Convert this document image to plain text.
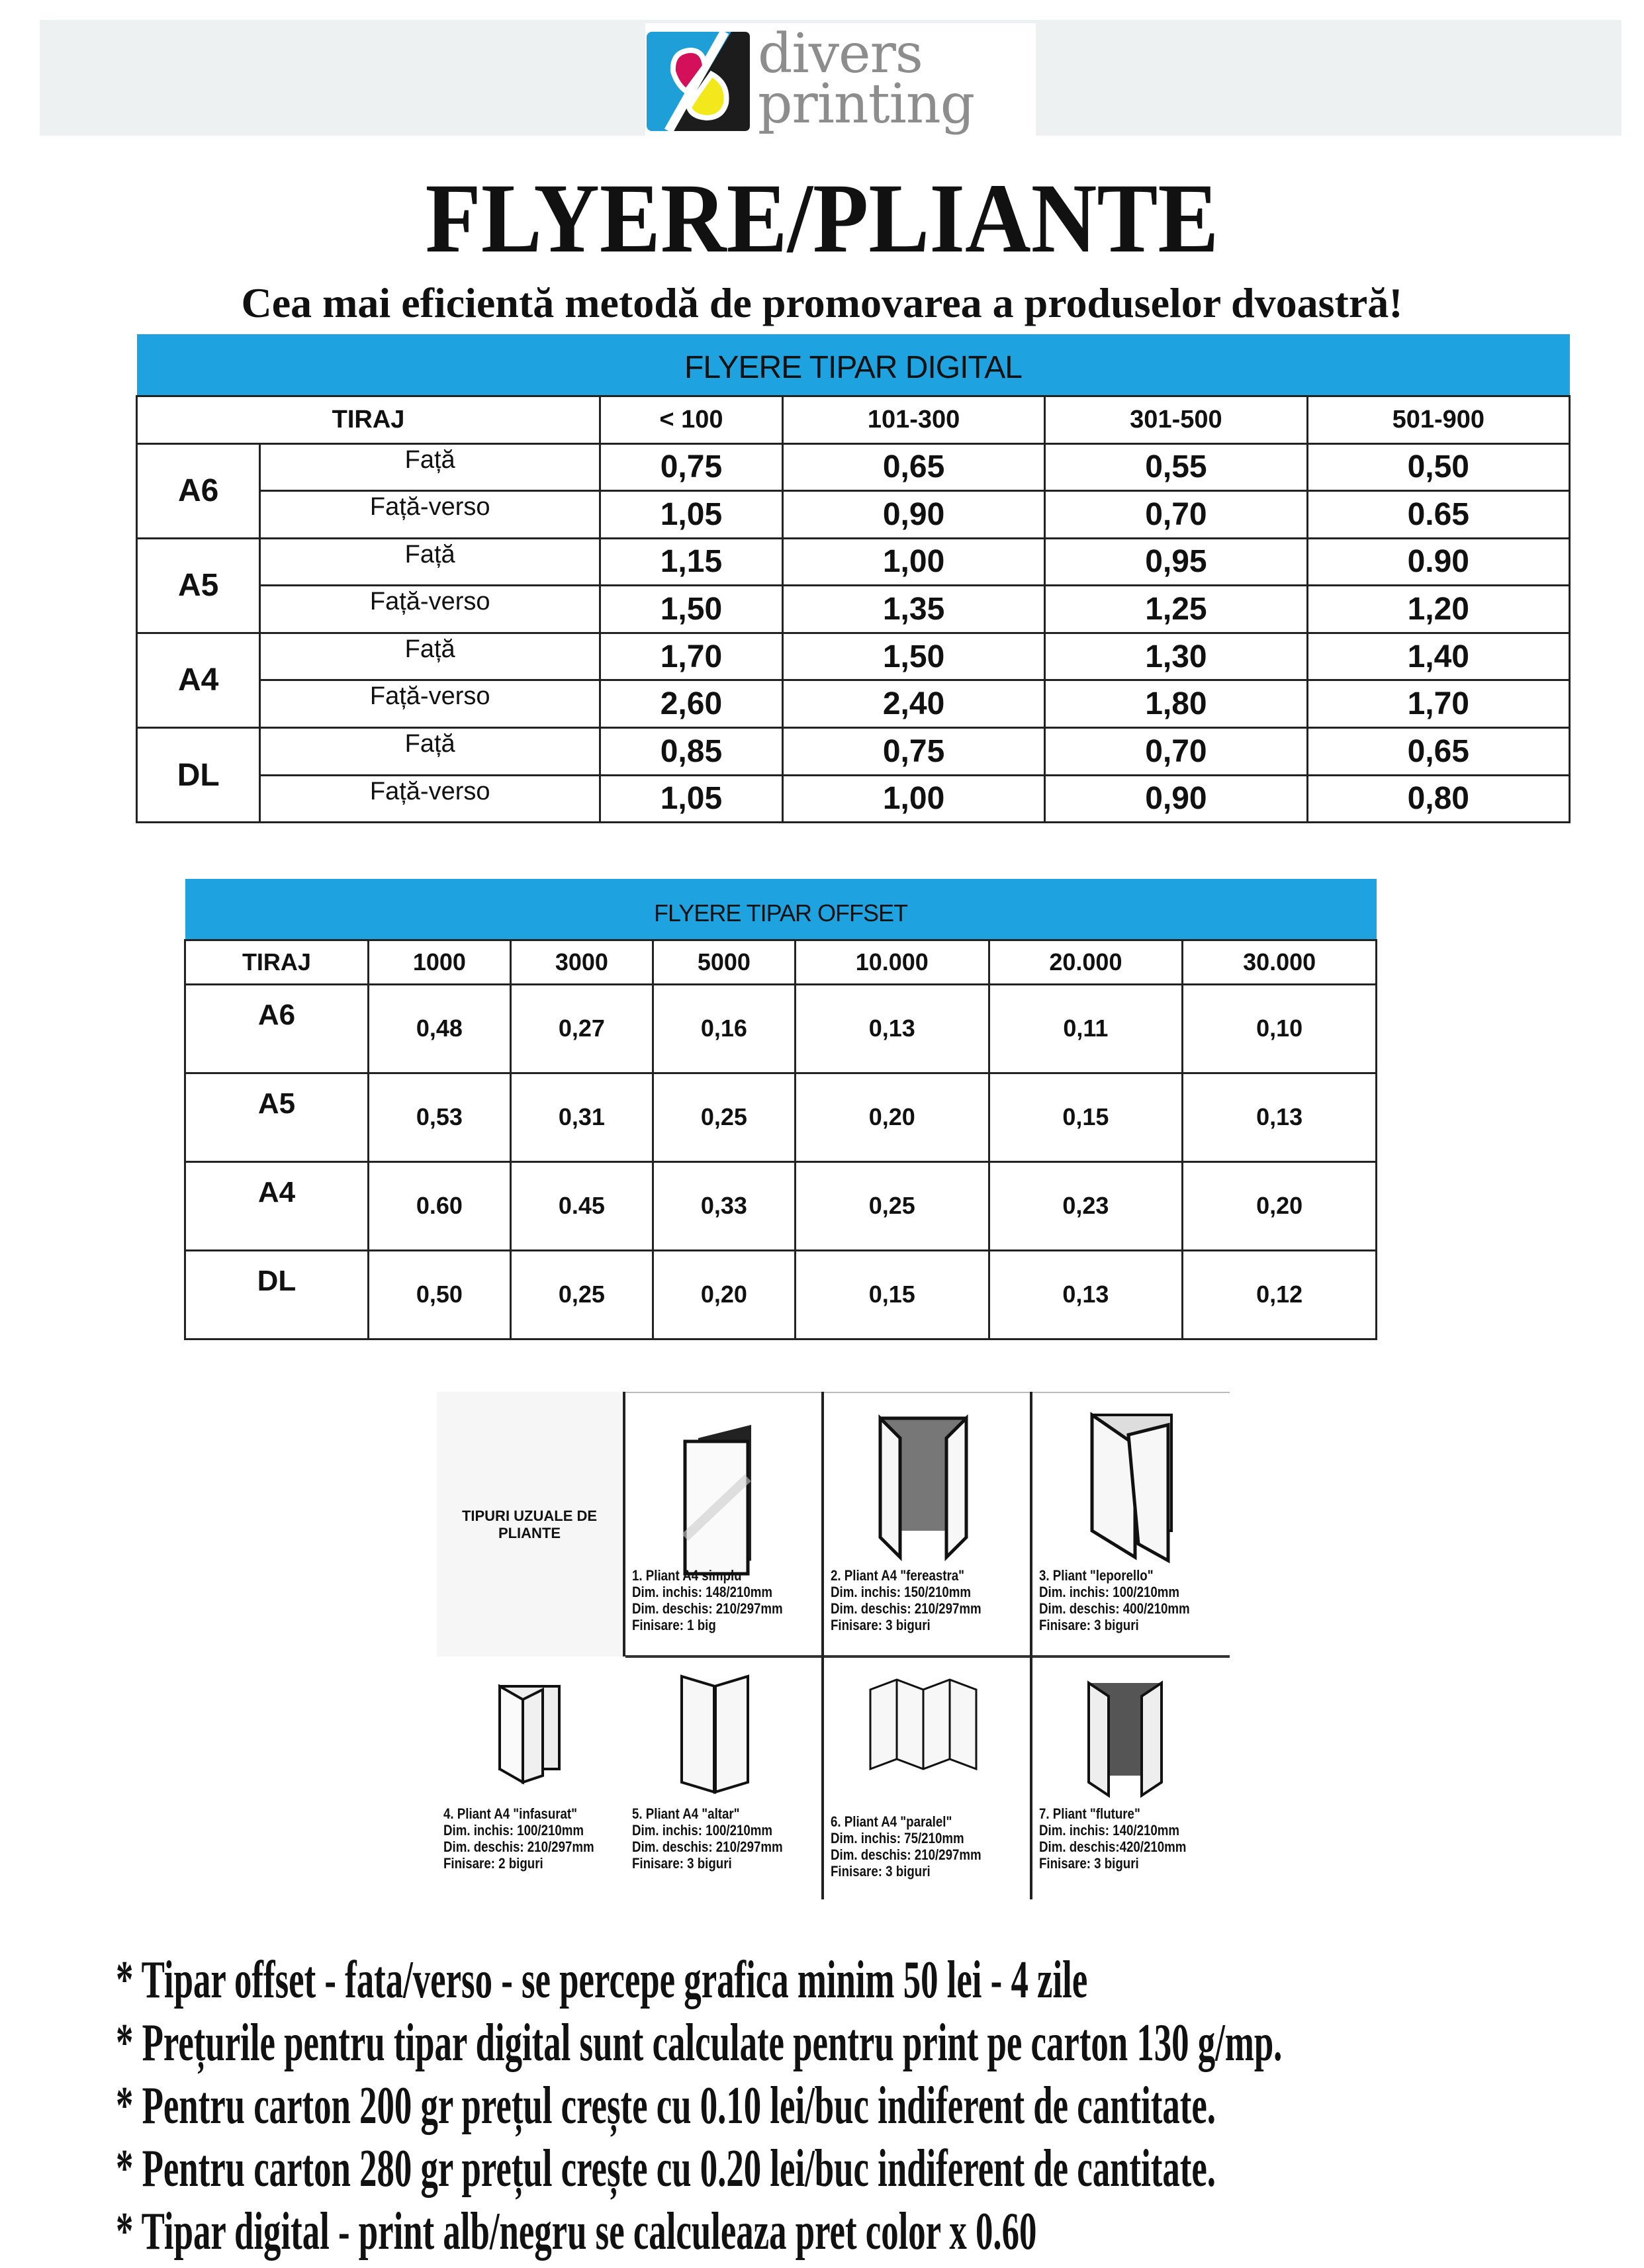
divers
printing
FLYERE/PLIANTE
Cea mai eficientă metodă de promovarea a produselor dvoastră!
FLYERE TIPAR DIGITAL					
TIRAJ		< 100	101-300	301-500	501-900
A6	Față	0,75	0,65	0,55	0,50
	Față-verso	1,05	0,90	0,70	0.65
A5	Față	1,15	1,00	0,95	0.90
	Față-verso	1,50	1,35	1,25	1,20
A4	Față	1,70	1,50	1,30	1,40
	Față-verso	2,60	2,40	1,80	1,70
DL	Față	0,85	0,75	0,70	0,65
	Față-verso	1,05	1,00	0,90	0,80
FLYERE TIPAR OFFSET						
TIRAJ	1000	3000	5000	10.000	20.000	30.000
A6	0,48	0,27	0,16	0,13	0,11	0,10
A5	0,53	0,31	0,25	0,20	0,15	0,13
A4	0.60	0.45	0,33	0,25	0,23	0,20
DL	0,50	0,25	0,20	0,15	0,13	0,12
TIPURI UZUALE DE PLIANTE
1. Pliant A4 simplu
Dim. inchis: 148/210mm
Dim. deschis: 210/297mm
Finisare: 1 big
2. Pliant A4 "fereastra"
Dim. inchis: 150/210mm
Dim. deschis: 210/297mm
Finisare: 3 biguri
3. Pliant "leporello"
Dim. inchis: 100/210mm
Dim. deschis: 400/210mm
Finisare: 3 biguri
4. Pliant A4 "infasurat"
Dim. inchis: 100/210mm
Dim. deschis: 210/297mm
Finisare: 2 biguri
5. Pliant A4 "altar"
Dim. inchis: 100/210mm
Dim. deschis: 210/297mm
Finisare: 3 biguri
6. Pliant A4 "paralel"
Dim. inchis: 75/210mm
Dim. deschis: 210/297mm
Finisare: 3 biguri
7. Pliant "fluture"
Dim. inchis: 140/210mm
Dim. deschis:420/210mm
Finisare: 3 biguri
* Tipar offset - fata/verso - se percepe grafica minim 50 lei - 4 zile
* Prețurile pentru tipar digital sunt calculate pentru print pe carton 130 g/mp.
* Pentru carton 200 gr prețul crește cu 0.10 lei/buc indiferent de cantitate.
* Pentru carton 280 gr prețul crește cu 0.20 lei/buc indiferent de cantitate.
* Tipar digital - print alb/negru se calculeaza pret color x 0.60
